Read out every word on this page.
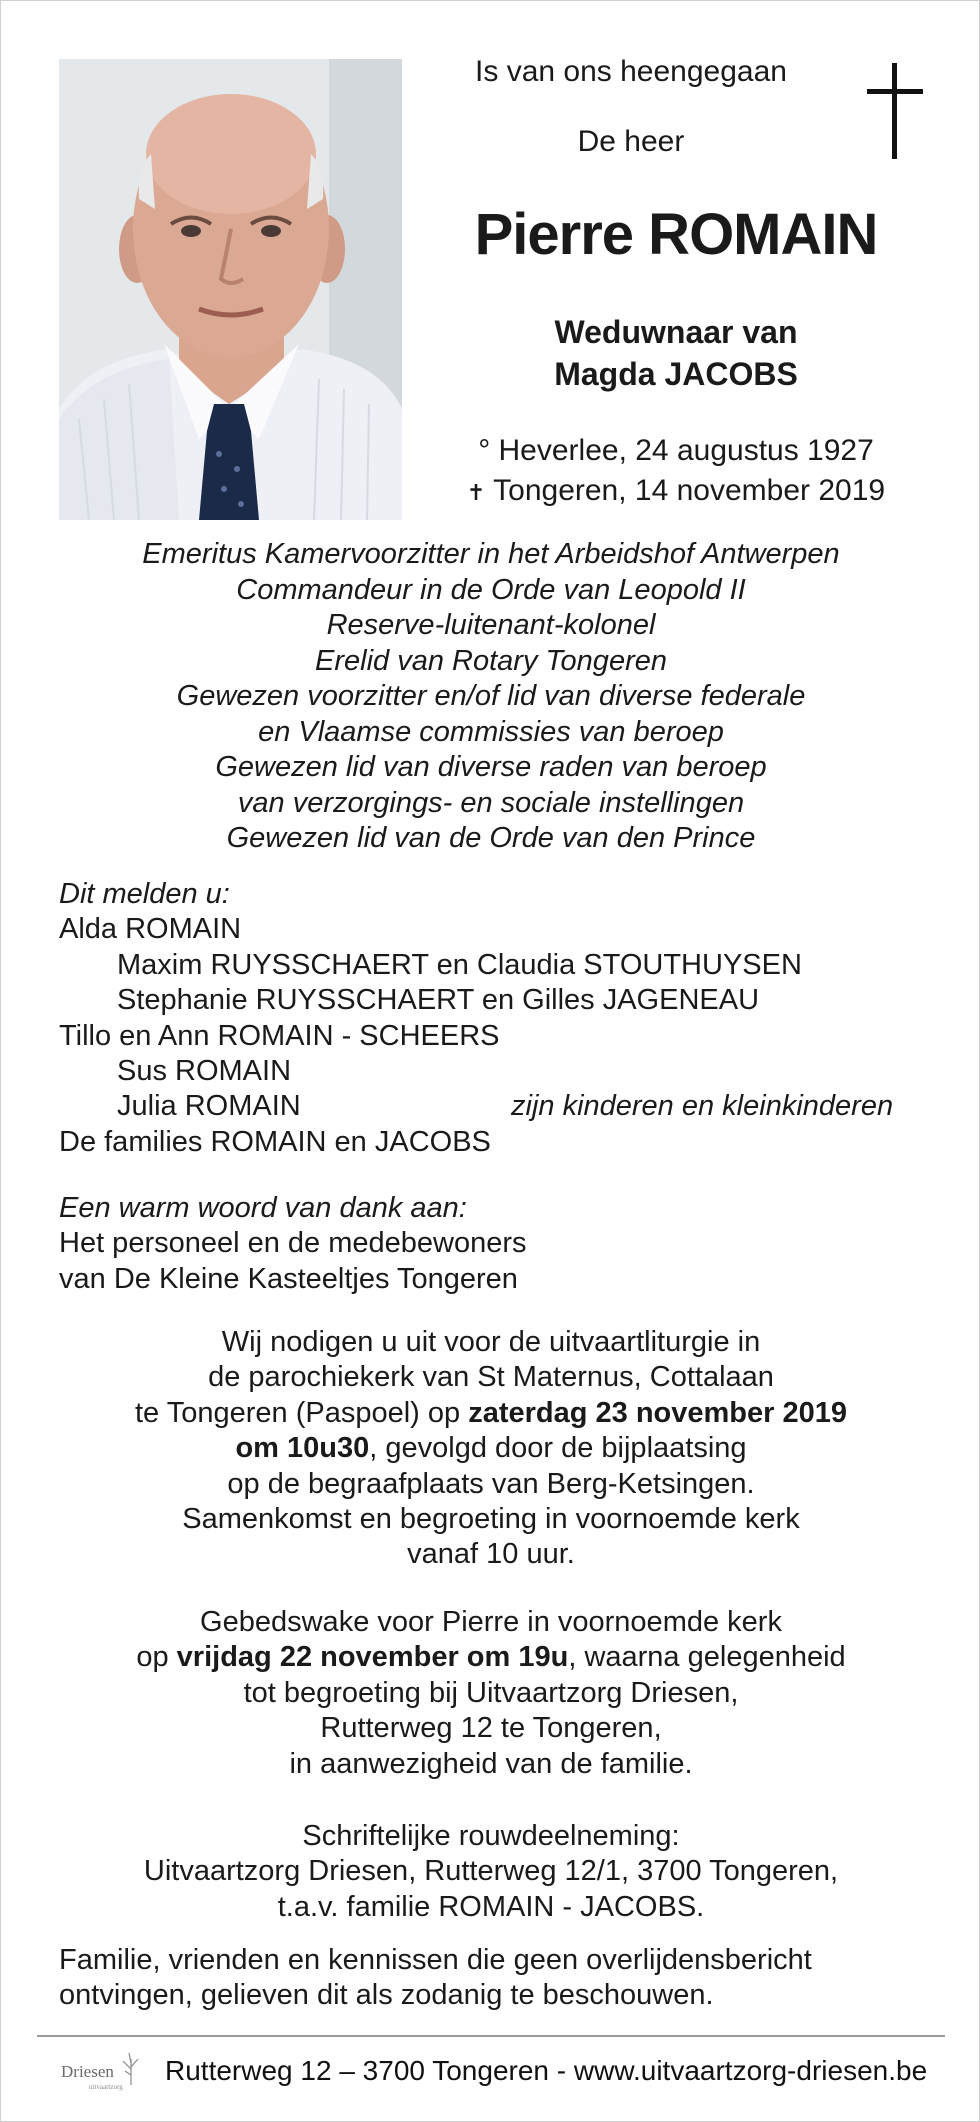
Is van ons heengegaan
De heer
Pierre ROMAIN
Weduwnaar van
Magda JACOBS
° Heverlee, 24 augustus 1927
✝ Tongeren, 14 november 2019
Emeritus Kamervoorzitter in het Arbeidshof Antwerpen
Commandeur in de Orde van Leopold II
Reserve-luitenant-kolonel
Erelid van Rotary Tongeren
Gewezen voorzitter en/of lid van diverse federale
en Vlaamse commissies van beroep
Gewezen lid van diverse raden van beroep
van verzorgings- en sociale instellingen
Gewezen lid van de Orde van den Prince
Dit melden u:
Alda ROMAIN
Maxim RUYSSCHAERT en Claudia STOUTHUYSEN
Stephanie RUYSSCHAERT en Gilles JAGENEAU
Tillo en Ann ROMAIN - SCHEERS
Sus ROMAIN
Julia ROMAIN	zijn kinderen en kleinkinderen
De families ROMAIN en JACOBS
Een warm woord van dank aan:
Het personeel en de medebewoners
van De Kleine Kasteeltjes Tongeren
Wij nodigen u uit voor de uitvaartliturgie in
de parochiekerk van St Maternus, Cottalaan
te Tongeren (Paspoel) op zaterdag 23 november 2019
om 10u30, gevolgd door de bijplaatsing
op de begraafplaats van Berg-Ketsingen.
Samenkomst en begroeting in voornoemde kerk
vanaf 10 uur.
Gebedswake voor Pierre in voornoemde kerk
op vrijdag 22 november om 19u, waarna gelegenheid
tot begroeting bij Uitvaartzorg Driesen,
Rutterweg 12 te Tongeren,
in aanwezigheid van de familie.
Schriftelijke rouwdeelneming:
Uitvaartzorg Driesen, Rutterweg 12/1, 3700 Tongeren,
t.a.v. familie ROMAIN - JACOBS.
Familie, vrienden en kennissen die geen overlijdensbericht
ontvingen, gelieven dit als zodanig te beschouwen.
Driesen
uitvaartzorg
Rutterweg 12 – 3700 Tongeren - www.uitvaartzorg-driesen.be
